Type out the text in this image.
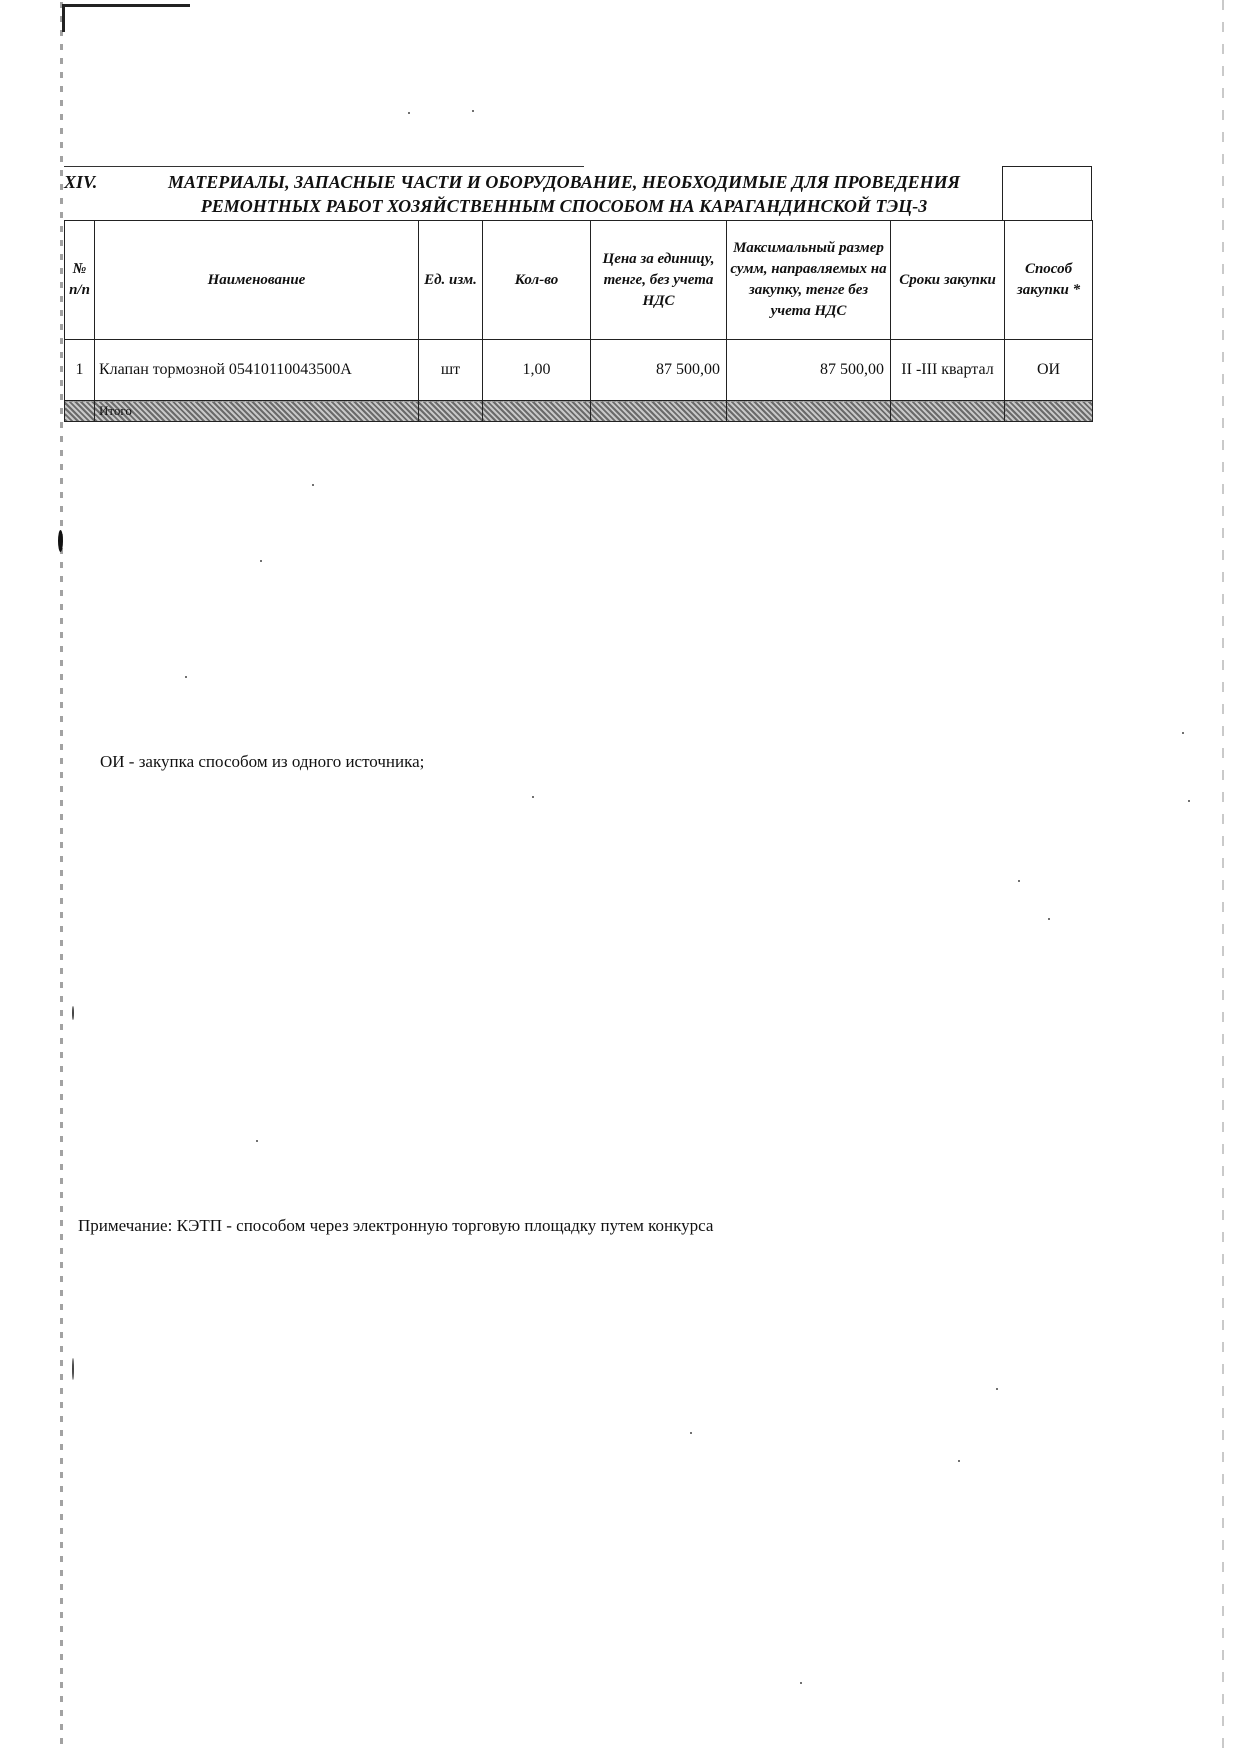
XIV.	МАТЕРИАЛЫ, ЗАПАСНЫЕ ЧАСТИ И ОБОРУДОВАНИЕ, НЕОБХОДИМЫЕ ДЛЯ ПРОВЕДЕНИЯ
РЕМОНТНЫХ РАБОТ ХОЗЯЙСТВЕННЫМ СПОСОБОМ НА КАРАГАНДИНСКОЙ ТЭЦ-3
№ п/п	Наименование	Ед. изм.	Кол-во	Цена за единицу, тенге, без учета НДС	Максимальный размер сумм, направляемых на закупку, тенге без учета НДС	Сроки закупки	Способ закупки *
1	Клапан тормозной 05410110043500А	шт	1,00	87 500,00	87 500,00	II -III квартал	ОИ
	Итого						
ОИ - закупка способом из одного источника;
Примечание: КЭТП - способом через электронную торговую площадку путем конкурса
